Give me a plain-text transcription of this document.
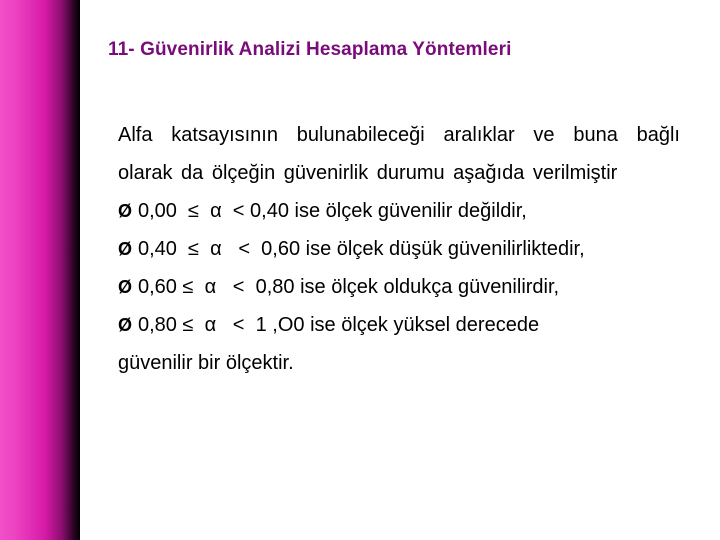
11- Güvenirlik Analizi Hesaplama Yöntemleri

Alfa katsayısının bulunabileceği aralıklar ve buna bağlı olarak da ölçeğin güvenirlik durumu aşağıda verilmiştir

Ø 0,00  ≤  α  < 0,40 ise ölçek güvenilir değildir,

Ø 0,40  ≤  α   <  0,60 ise ölçek düşük güvenilirliktedir,

Ø 0,60 ≤  α   <  0,80 ise ölçek oldukça güvenilirdir,

Ø 0,80 ≤  α   <  1 ,O0 ise ölçek yüksel derecede

güvenilir bir ölçektir.
